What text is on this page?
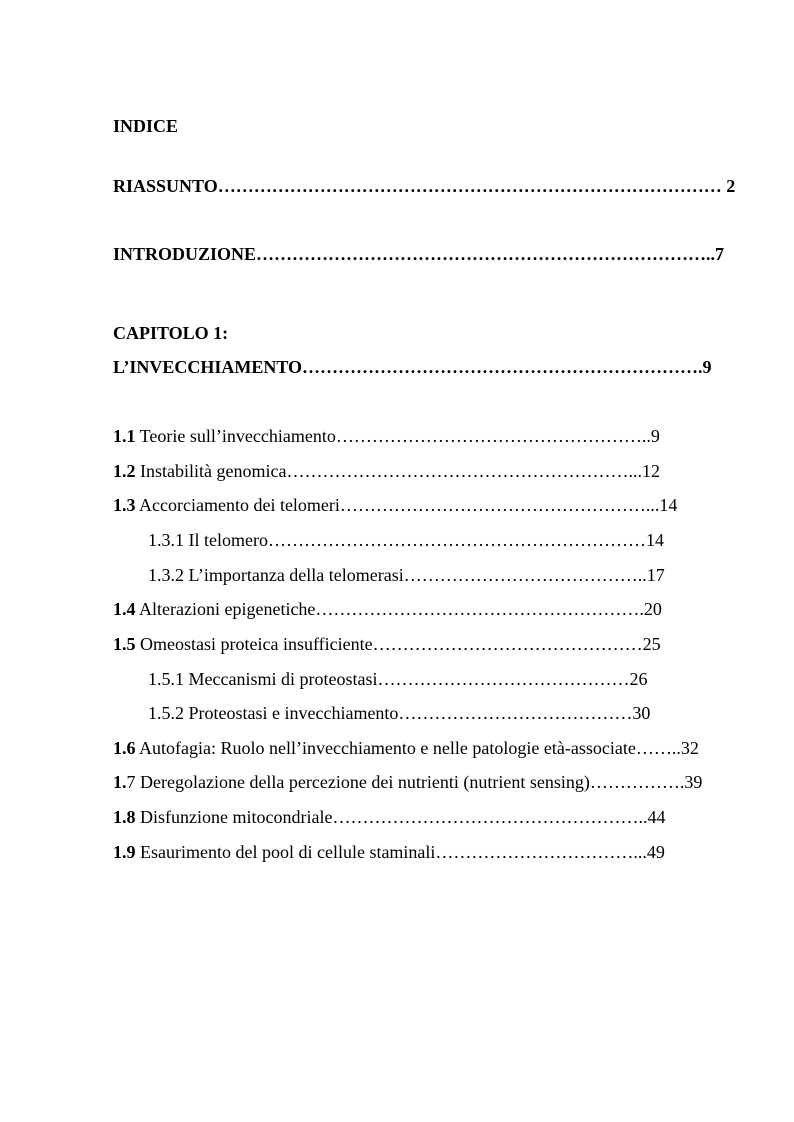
INDICE
RIASSUNTO………………………………………………………………………… 2
INTRODUZIONE…………………………………………………………………..7
CAPITOLO 1:
L’INVECCHIAMENTO………………………………………………………….9
1.1 Teorie sull’invecchiamento……………………………………………..9
1.2 Instabilità genomica…………………………………………………...12
1.3 Accorciamento dei telomeri……………………………………………...14
1.3.1 Il telomero………………………………………………………14
1.3.2 L’importanza della telomerasi…………………………………..17
1.4 Alterazioni epigenetiche……………………………………………….20
1.5 Omeostasi proteica insufficiente………………………………………25
1.5.1 Meccanismi di proteostasi……………………………………26
1.5.2 Proteostasi e invecchiamento…………………………………30
1.6 Autofagia: Ruolo nell’invecchiamento e nelle patologie età-associate……..32
1.7 Deregolazione della percezione dei nutrienti (nutrient sensing)…………….39
1.8 Disfunzione mitocondriale……………………………………………..44
1.9 Esaurimento del pool di cellule staminali……………………………...49
